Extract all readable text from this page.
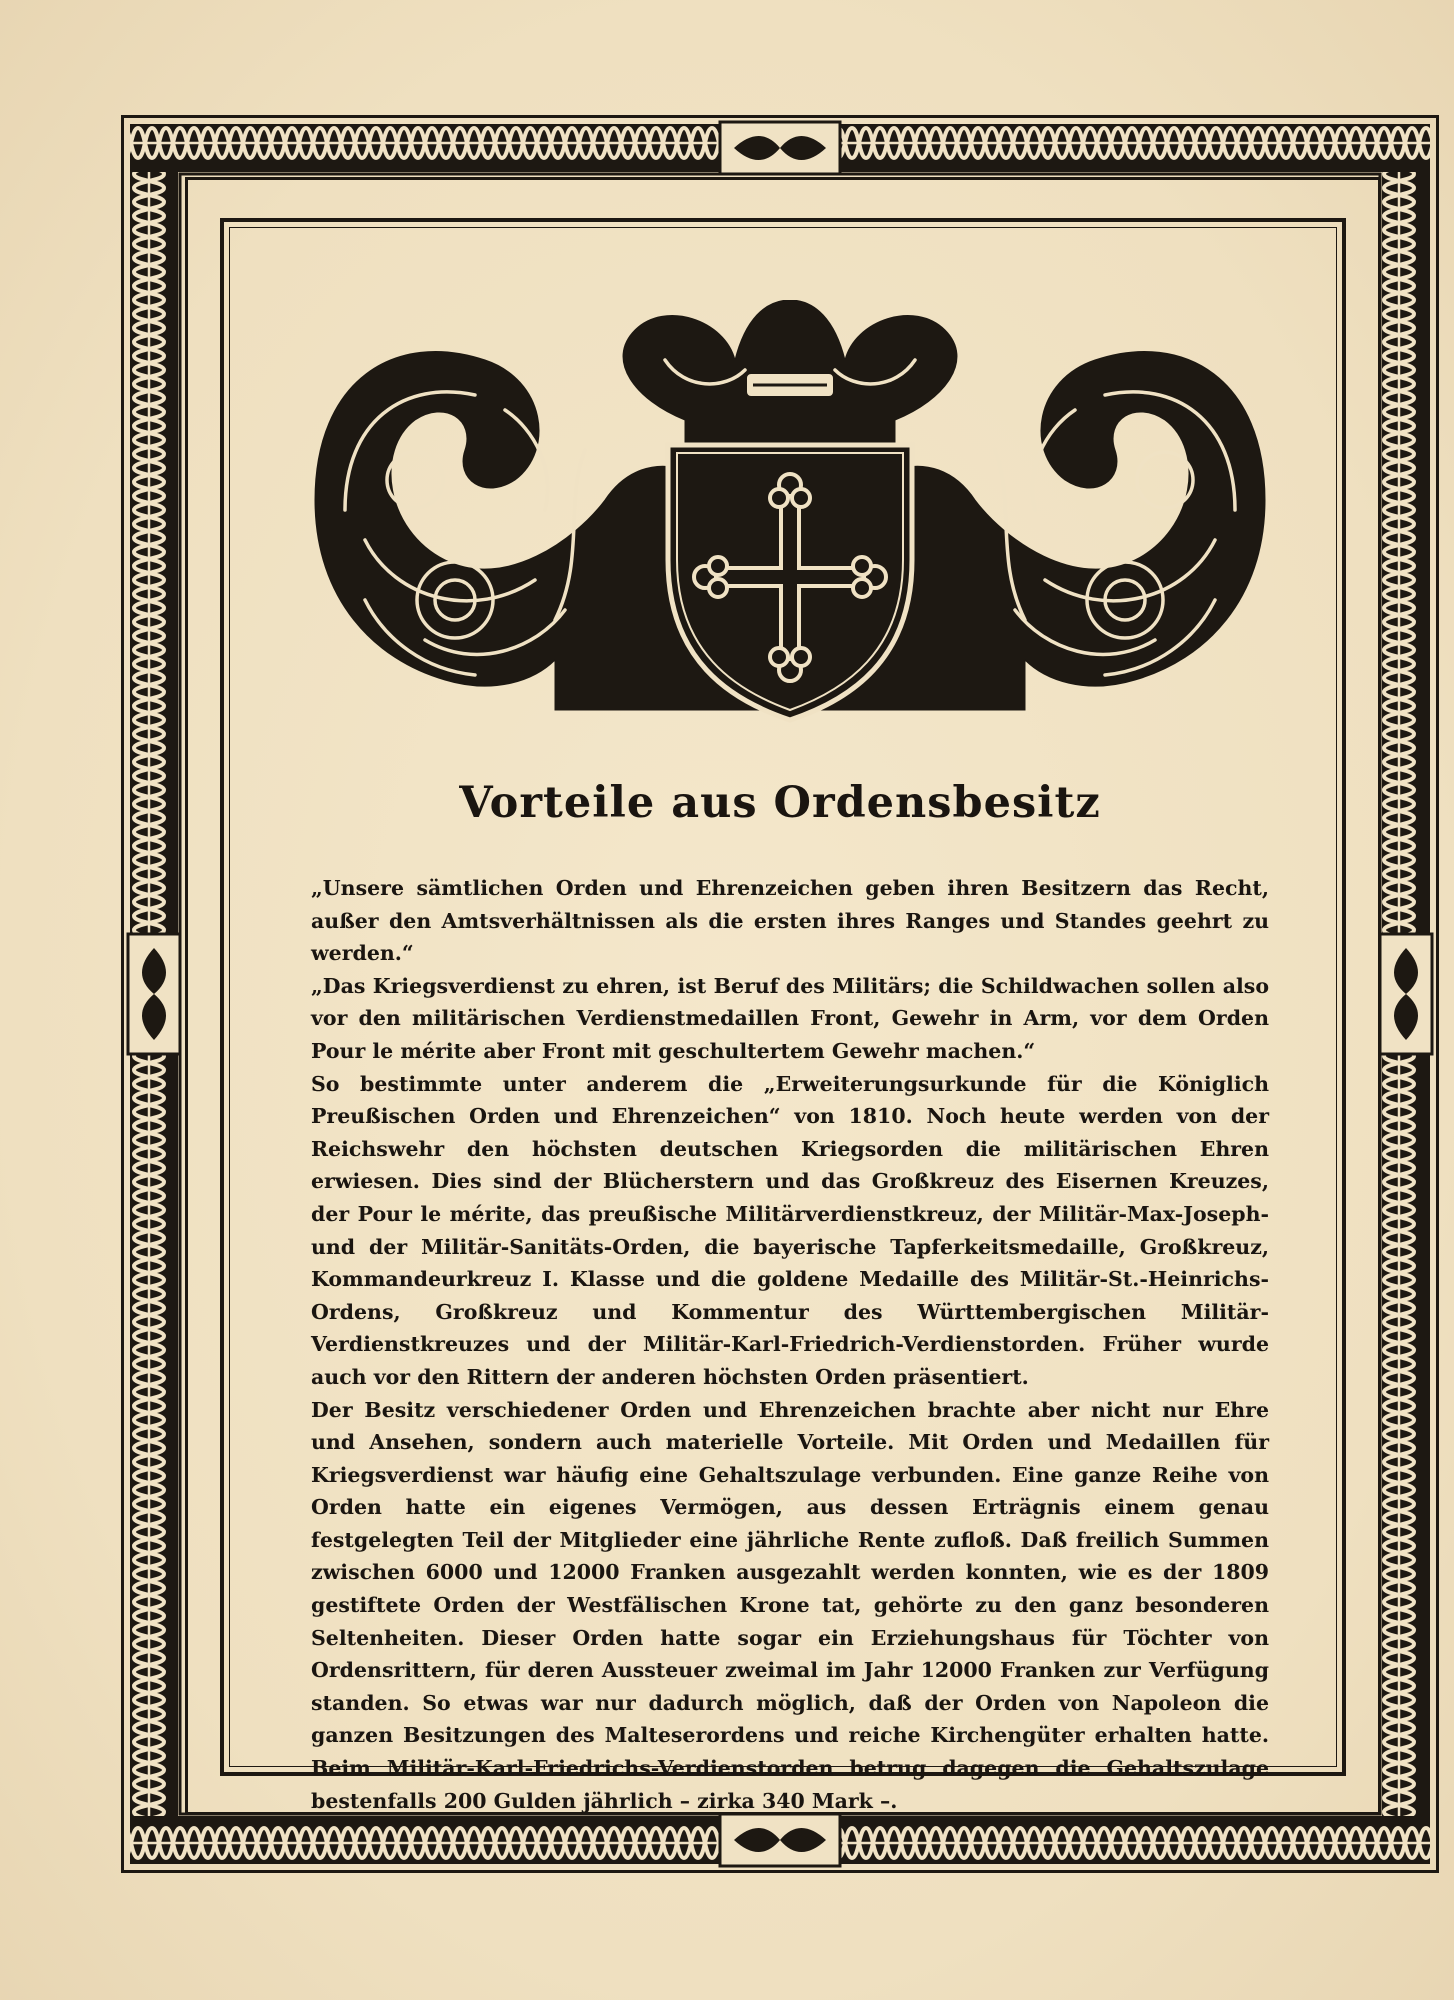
Vorteile aus Ordensbesitz

„Unsere sämtlichen Orden und Ehrenzeichen geben ihren Besitzern das Recht, außer den Amtsverhältnissen als die ersten ihres Ranges und Standes geehrt zu werden.“

„Das Kriegsverdienst zu ehren, ist Beruf des Militärs; die Schildwachen sollen also vor den militärischen Verdienstmedaillen Front, Gewehr in Arm, vor dem Orden Pour le mérite aber Front mit geschultertem Gewehr machen.“

So bestimmte unter anderem die „Erweiterungsurkunde für die Königlich Preußischen Orden und Ehrenzeichen“ von 1810. Noch heute werden von der Reichswehr den höchsten deutschen Kriegsorden die militärischen Ehren erwiesen. Dies sind der Blücherstern und das Großkreuz des Eisernen Kreuzes, der Pour le mérite, das preußische Militärverdienstkreuz, der Militär-Max-Joseph- und der Militär-Sanitäts-Orden, die bayerische Tapferkeitsmedaille, Großkreuz, Kommandeurkreuz I. Klasse und die goldene Medaille des Militär-St.-Heinrichs-Ordens, Großkreuz und Kommentur des Württembergischen Militär-Verdienstkreuzes und der Militär-Karl-Friedrich-Verdienstorden. Früher wurde auch vor den Rittern der anderen höchsten Orden präsentiert.

Der Besitz verschiedener Orden und Ehrenzeichen brachte aber nicht nur Ehre und Ansehen, sondern auch materielle Vorteile. Mit Orden und Medaillen für Kriegsverdienst war häufig eine Gehaltszulage verbunden. Eine ganze Reihe von Orden hatte ein eigenes Vermögen, aus dessen Erträgnis einem genau festgelegten Teil der Mitglieder eine jährliche Rente zufloß. Daß freilich Summen zwischen 6000 und 12000 Franken ausgezahlt werden konnten, wie es der 1809 gestiftete Orden der Westfälischen Krone tat, gehörte zu den ganz besonderen Seltenheiten. Dieser Orden hatte sogar ein Erziehungshaus für Töchter von Ordensrittern, für deren Aussteuer zweimal im Jahr 12000 Franken zur Verfügung standen. So etwas war nur dadurch möglich, daß der Orden von Napoleon die ganzen Besitzungen des Malteserordens und reiche Kirchengüter erhalten hatte. Beim Militär-Karl-Friedrichs-Verdienstorden betrug dagegen die Gehaltszulage bestenfalls 200 Gulden jährlich – zirka 340 Mark –.
